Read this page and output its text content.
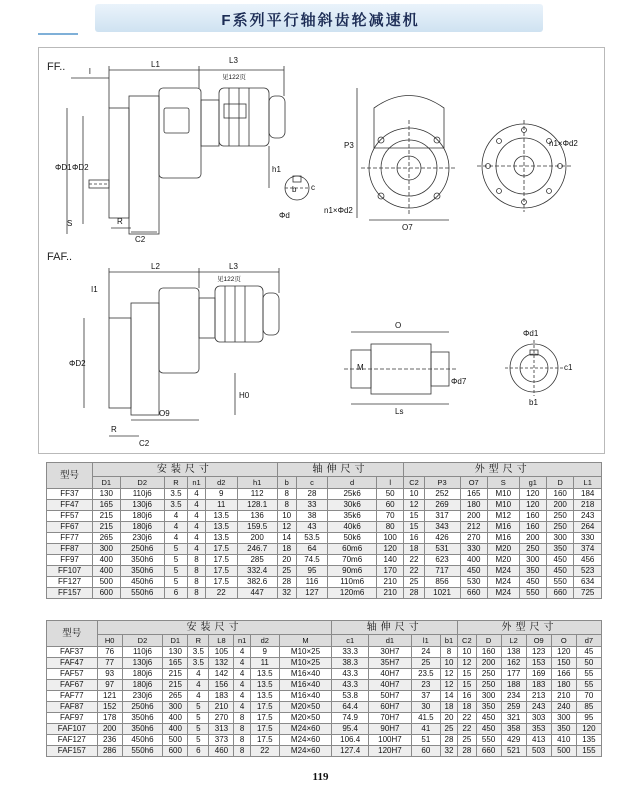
F系列平行轴斜齿轮减速机
FF..
FAF..
L1	L3
见122页
l
h1
ΦD1 ΦD2
P3
O7
n1×Φd2
n1×Φd2
S	R
C2
Φd
b c
L2	L3
见122页
I1
H0
O9
ΦD2
R
C2
O
M
Ls
Φd7
Φd1
c1
b1
型号	安装尺寸						轴伸尺寸				外型尺寸						
	D1	D2	R	n1	d2	h1	b	c	d	l	C2	P3	O7	S	g1	D	L1
FF37	130	110j6	3.5	4	9	112	8	28	25k6	50	10	252	165	M10	120	160	184
FF47	165	130j6	3.5	4	11	128.1	8	33	30k6	60	12	269	180	M10	120	200	218
FF57	215	180j6	4	4	13.5	136	10	38	35k6	70	15	317	200	M12	160	250	243
FF67	215	180j6	4	4	13.5	159.5	12	43	40k6	80	15	343	212	M16	160	250	264
FF77	265	230j6	4	4	13.5	200	14	53.5	50k6	100	16	426	270	M16	200	300	330
FF87	300	250h6	5	4	17.5	246.7	18	64	60m6	120	18	531	330	M20	250	350	374
FF97	400	350h6	5	8	17.5	285	20	74.5	70m6	140	22	623	400	M20	300	450	456
FF107	400	350h6	5	8	17.5	332.4	25	95	90m6	170	22	717	450	M24	350	450	523
FF127	500	450h6	5	8	17.5	382.6	28	116	110m6	210	25	856	530	M24	450	550	634
FF157	600	550h6	6	8	22	447	32	127	120m6	210	28	1021	660	M24	550	660	725
型号	安装尺寸								轴伸尺寸				外型尺寸					
	H0	D2	D1	R	L8	n1	d2	M	c1	d1	l1	b1	C2	D	L2	O9	O	d7
FAF37	76	110j6	130	3.5	105	4	9	M10×25	33.3	30H7	24	8	10	160	138	123	120	45
FAF47	77	130j6	165	3.5	132	4	11	M10×25	38.3	35H7	25	10	12	200	162	153	150	50
FAF57	93	180j6	215	4	142	4	13.5	M16×40	43.3	40H7	23.5	12	15	250	177	169	166	55
FAF67	97	180j6	215	4	156	4	13.5	M16×40	43.3	40H7	23	12	15	250	188	183	180	55
FAF77	121	230j6	265	4	183	4	13.5	M16×40	53.8	50H7	37	14	16	300	234	213	210	70
FAF87	152	250h6	300	5	210	4	17.5	M20×50	64.4	60H7	30	18	18	350	259	243	240	85
FAF97	178	350h6	400	5	270	8	17.5	M20×50	74.9	70H7	41.5	20	22	450	321	303	300	95
FAF107	200	350h6	400	5	313	8	17.5	M24×60	95.4	90H7	41	25	22	450	358	353	350	120
FAF127	236	450h6	500	5	373	8	17.5	M24×60	106.4	100H7	51	28	25	550	429	413	410	135
FAF157	286	550h6	600	6	460	8	22	M24×60	127.4	120H7	60	32	28	660	521	503	500	155
119
